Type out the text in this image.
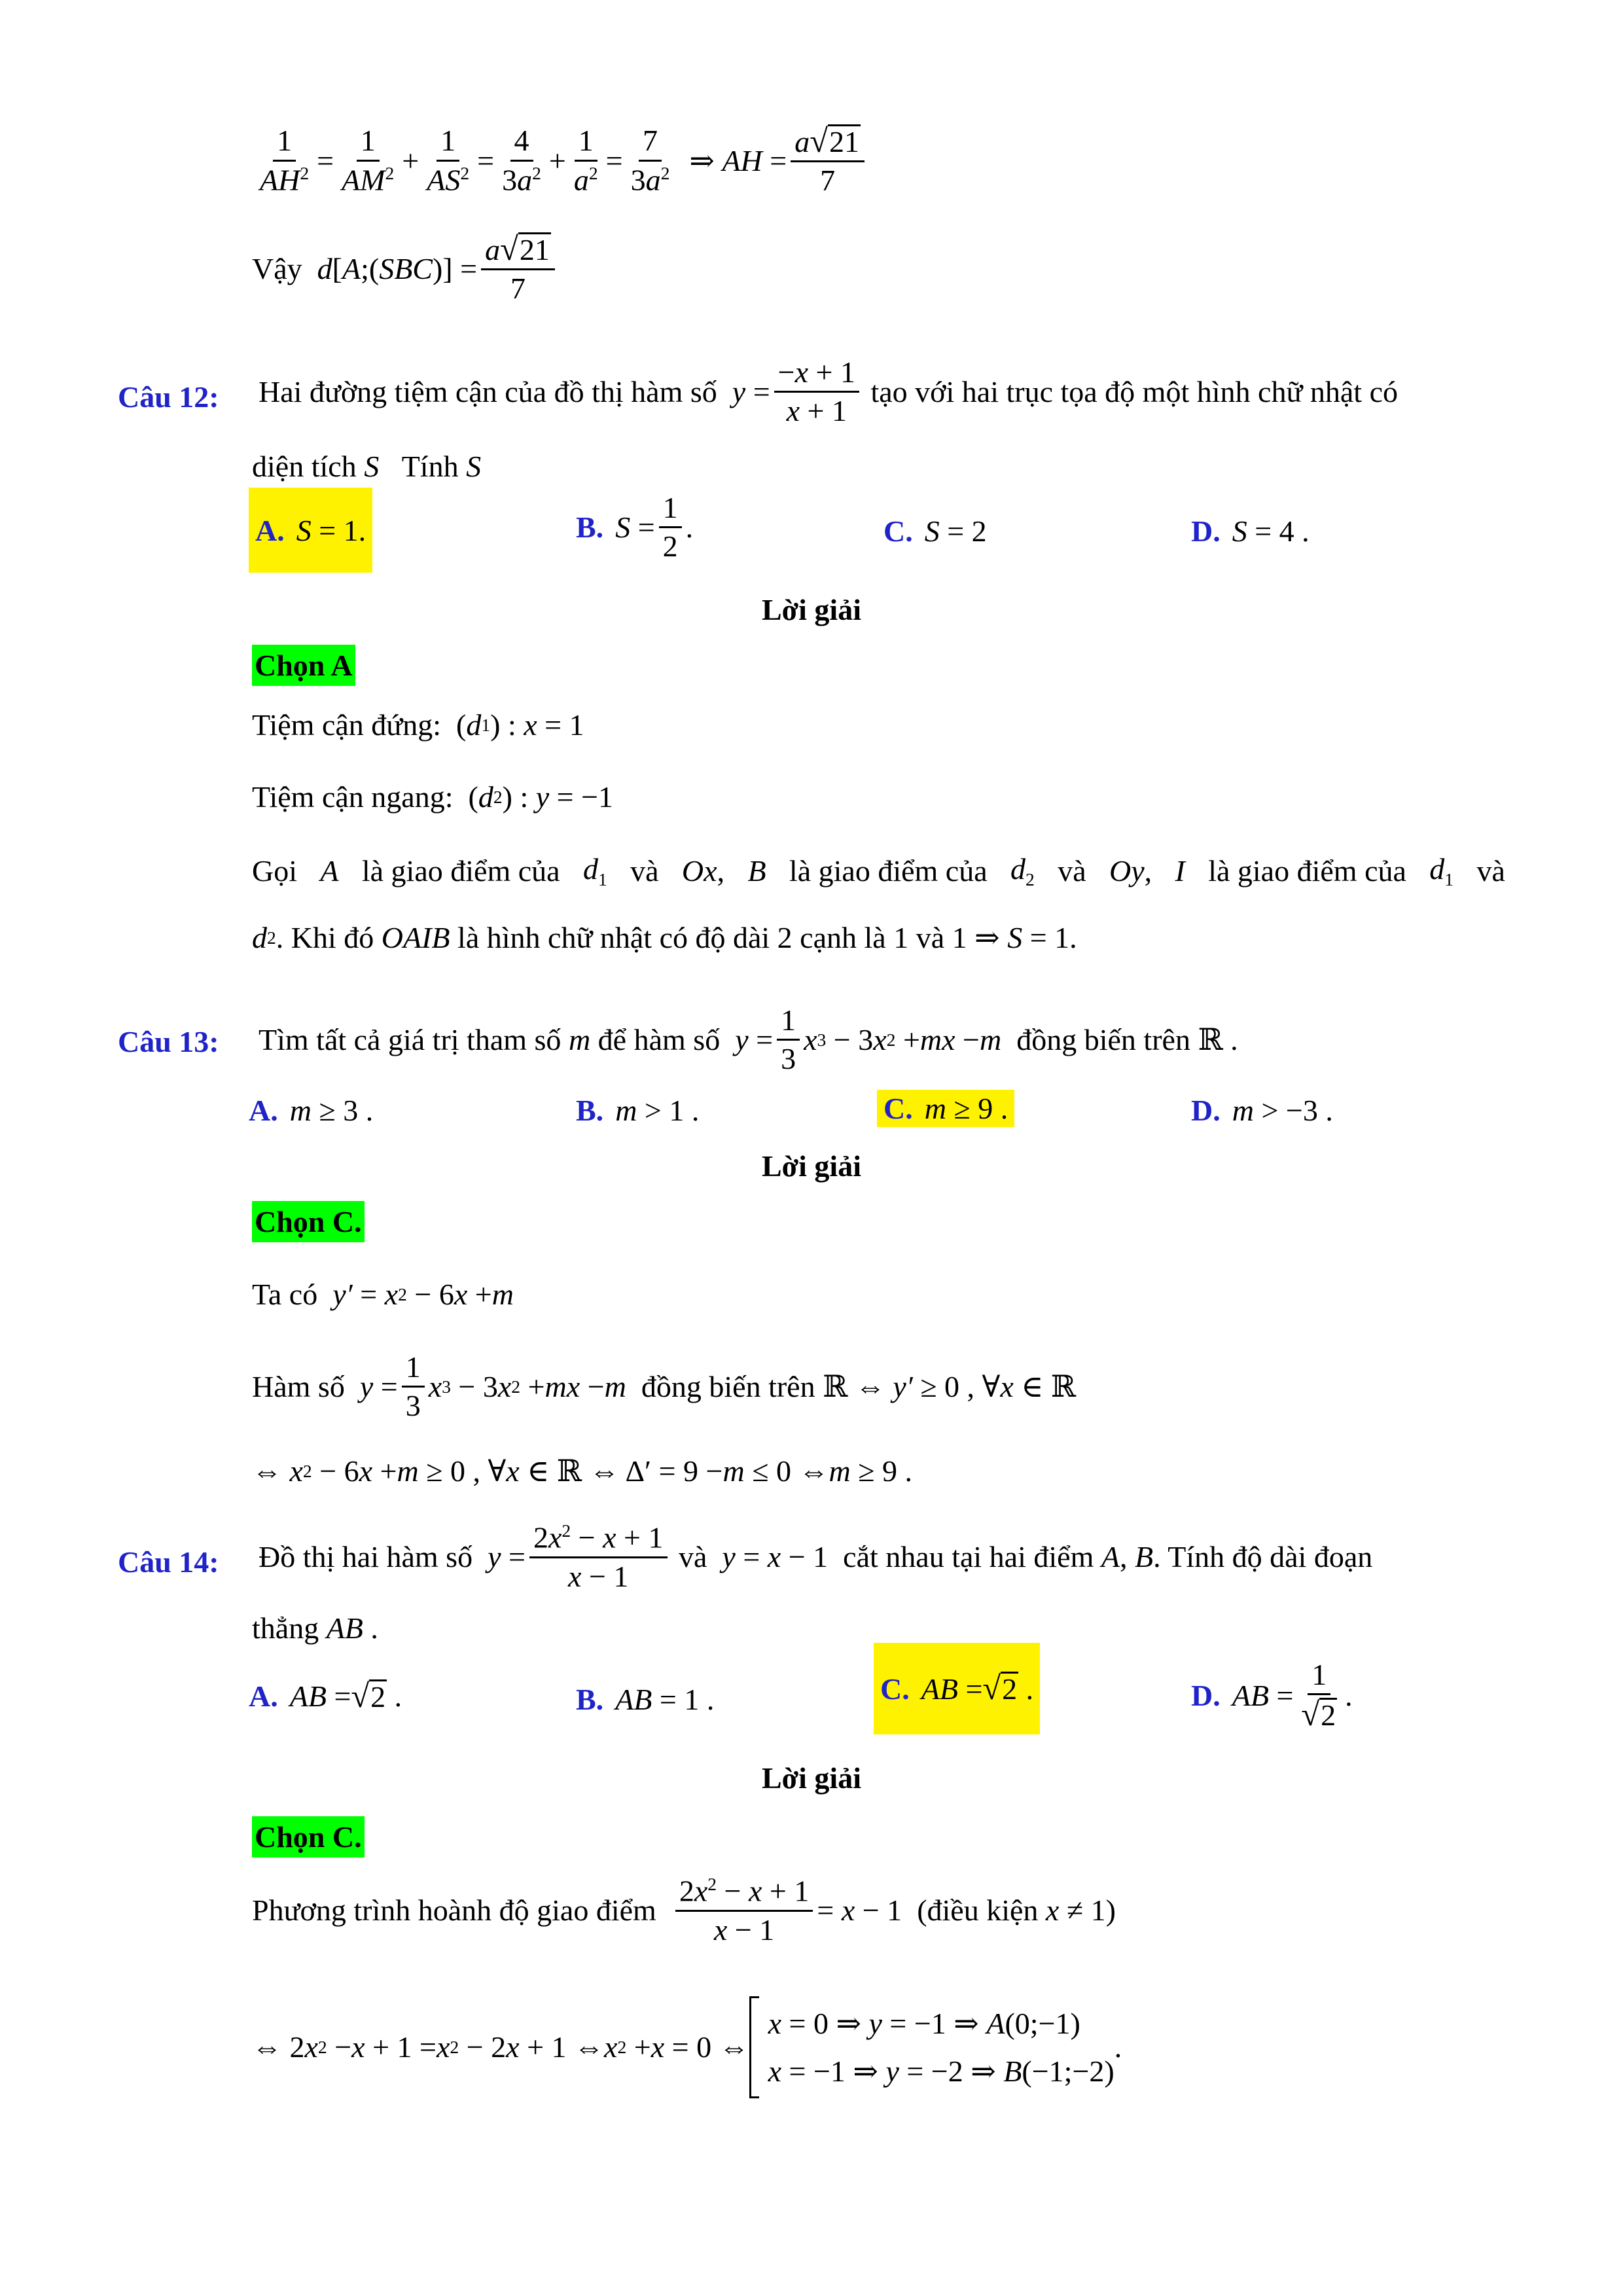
$\frac{1}{AH^2} = \frac{1}{AM^2} + \frac{1}{AS^2} = \frac{4}{3a^2} + \frac{1}{a^2} = \frac{7}{3a^2}$ ⇒ AH = $\frac{a √ 21}{7}$
Vậy
d [ A ;( SBC )] = $\frac{a √ 21}{7}$
Câu 12: Hai đường tiệm cận của đồ thị hàm số
$y = \frac{-x + 1}{x + 1}$
tạo với hai trục tọa độ một hình chữ nhật có
diện tích
S
Tính
S
A. S = 1.	B. $S = \frac{1}{2}$ .	C. S = 2	D. S = 4 .
Lời giải
Chọn A
Tiệm cận đứng: ( d 1 ) : x = 1
Tiệm cận ngang: ( d 2 ) : y = −1
Gọi A là giao điểm của $d_1$ và Ox, B là giao điểm của $d_2$ và Oy, I là giao điểm của $d_1$ và
d 2 . Khi đó
OAIB
là hình chữ nhật có độ dài 2 cạnh là 1 và 1 ⇒ S = 1.
Câu 13: Tìm tất cả giá trị tham số
m
để hàm số
$y = \frac{1}{3}$ x 3 − 3 x 2 + mx − m
đồng biến trên ℝ .
A. m ≥ 3 .	B. m > 1 .	C. m ≥ 9 .	D. m > −3 .
Lời giải
Chọn C.
Ta có
y′ = x 2 − 6 x + m
Hàm số
$y = \frac{1}{3}$ x 3 − 3 x 2 + mx − m
đồng biến trên ℝ ⇔ y′ ≥ 0 , ∀ x ∈ ℝ
⇔ x 2 − 6 x + m ≥ 0 , ∀ x ∈ ℝ ⇔ Δ′ = 9 − m ≤ 0 ⇔ m ≥ 9 .
Câu 14: Đồ thị hai hàm số
$y = \frac{2x^2 - x + 1}{x - 1}$
và
y = x − 1 cắt nhau tại hai điểm
A , B . Tính độ dài đoạn
thẳng
AB .
A. AB = √ 2 .	B. AB = 1 .	C. AB = √ 2 .	D. AB = $\frac{1}{√ 2}$ .
Lời giải
Chọn C.
Phương trình hoành độ giao điểm
$\frac{2x^2 - x + 1}{x - 1} = x - 1$ (điều kiện
x ≠ 1)
⇔ 2 x 2 − x + 1 = x 2 − 2 x + 1 ⇔ x 2 + x = 0 ⇔
x = 0 ⇒ y = −1 ⇒ A(0;−1)
x = −1 ⇒ y = −2 ⇒ B(−1;−2)
.
